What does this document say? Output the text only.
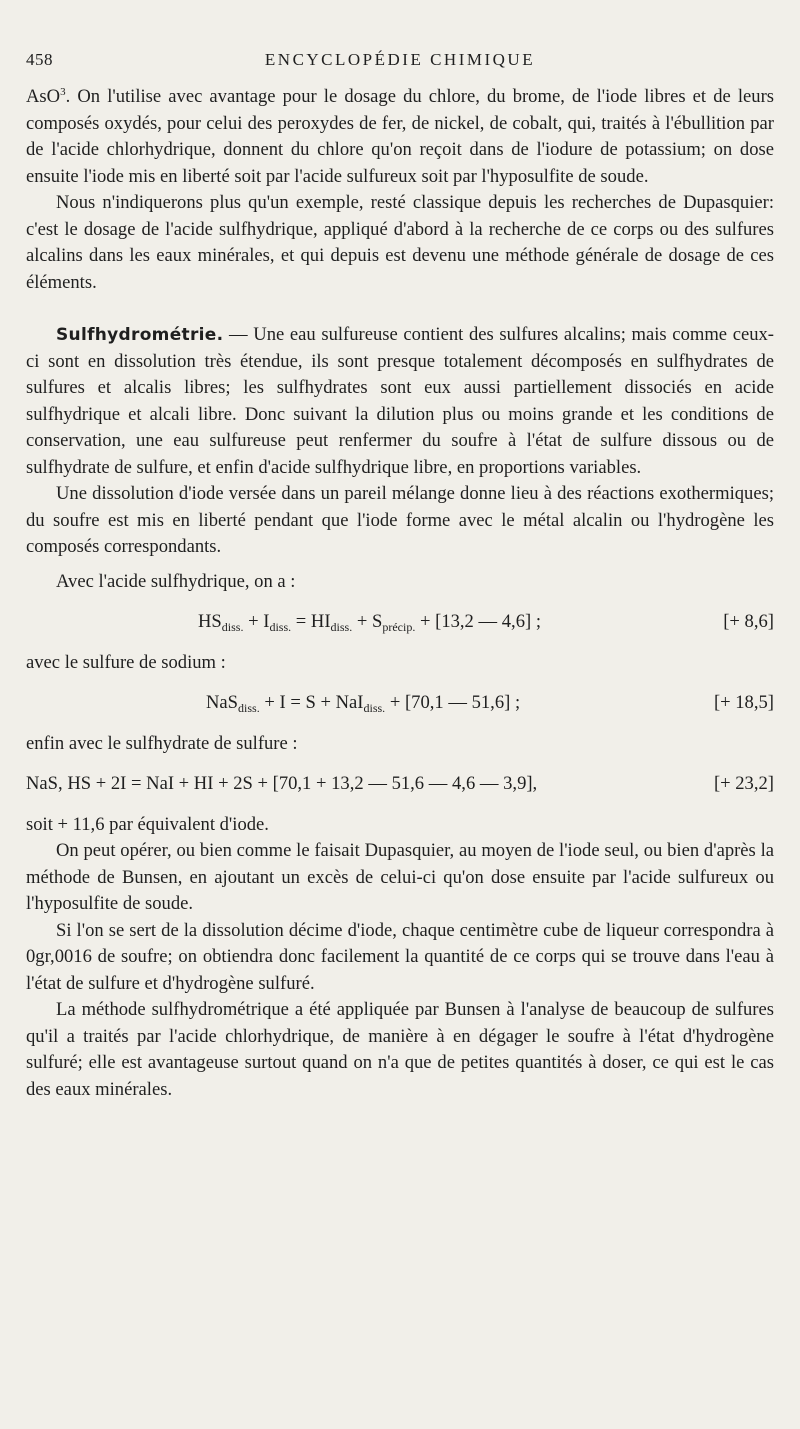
458	ENCYCLOPÉDIE CHIMIQUE

AsO$^3$. On l'utilise avec avantage pour le dosage du chlore, du brome, de l'iode libres et de leurs composés oxydés, pour celui des peroxydes de fer, de nickel, de cobalt, qui, traités à l'ébullition par de l'acide chlorhydrique, donnent du chlore qu'on reçoit dans de l'iodure de potassium; on dose ensuite l'iode mis en liberté soit par l'acide sulfureux soit par l'hyposulfite de soude.

Nous n'indiquerons plus qu'un exemple, resté classique depuis les recherches de Dupasquier: c'est le dosage de l'acide sulfhydrique, appliqué d'abord à la recherche de ce corps ou des sulfures alcalins dans les eaux minérales, et qui depuis est devenu une méthode générale de dosage de ces éléments.

Sulfhydrométrie. — Une eau sulfureuse contient des sulfures alcalins; mais comme ceux-ci sont en dissolution très étendue, ils sont presque totalement décomposés en sulfhydrates de sulfures et alcalis libres; les sulfhydrates sont eux aussi partiellement dissociés en acide sulfhydrique et alcali libre. Donc suivant la dilution plus ou moins grande et les conditions de conservation, une eau sulfureuse peut renfermer du soufre à l'état de sulfure dissous ou de sulfhydrate de sulfure, et enfin d'acide sulfhydrique libre, en proportions variables.

Une dissolution d'iode versée dans un pareil mélange donne lieu à des réactions exothermiques; du soufre est mis en liberté pendant que l'iode forme avec le métal alcalin ou l'hydrogène les composés correspondants.

Avec l'acide sulfhydrique, on a :

$HS_{diss.} + I_{diss.} = HI_{diss.} + S_{précip.} + [13,2$ — 4,6] ;	[+ 8,6]

avec le sulfure de sodium :

NaS$_{diss.}$ + I = S + NaI$_{diss.}$ + [70,1 — 51,6] ;	[+ 18,5]

enfin avec le sulfhydrate de sulfure :

NaS, HS + 2I = NaI + HI + 2S + [70,1 + 13,2 — 51,6 — 4,6 — 3,9],	[+ 23,2]

soit + 11,6 par équivalent d'iode.

On peut opérer, ou bien comme le faisait Dupasquier, au moyen de l'iode seul, ou bien d'après la méthode de Bunsen, en ajoutant un excès de celui-ci qu'on dose ensuite par l'acide sulfureux ou l'hyposulfite de soude.

Si l'on se sert de la dissolution décime d'iode, chaque centimètre cube de liqueur correspondra à 0gr,0016 de soufre; on obtiendra donc facilement la quantité de ce corps qui se trouve dans l'eau à l'état de sulfure et d'hydrogène sulfuré.

La méthode sulfhydrométrique a été appliquée par Bunsen à l'analyse de beaucoup de sulfures qu'il a traités par l'acide chlorhydrique, de manière à en dégager le soufre à l'état d'hydrogène sulfuré; elle est avantageuse surtout quand on n'a que de petites quantités à doser, ce qui est le cas des eaux minérales.
